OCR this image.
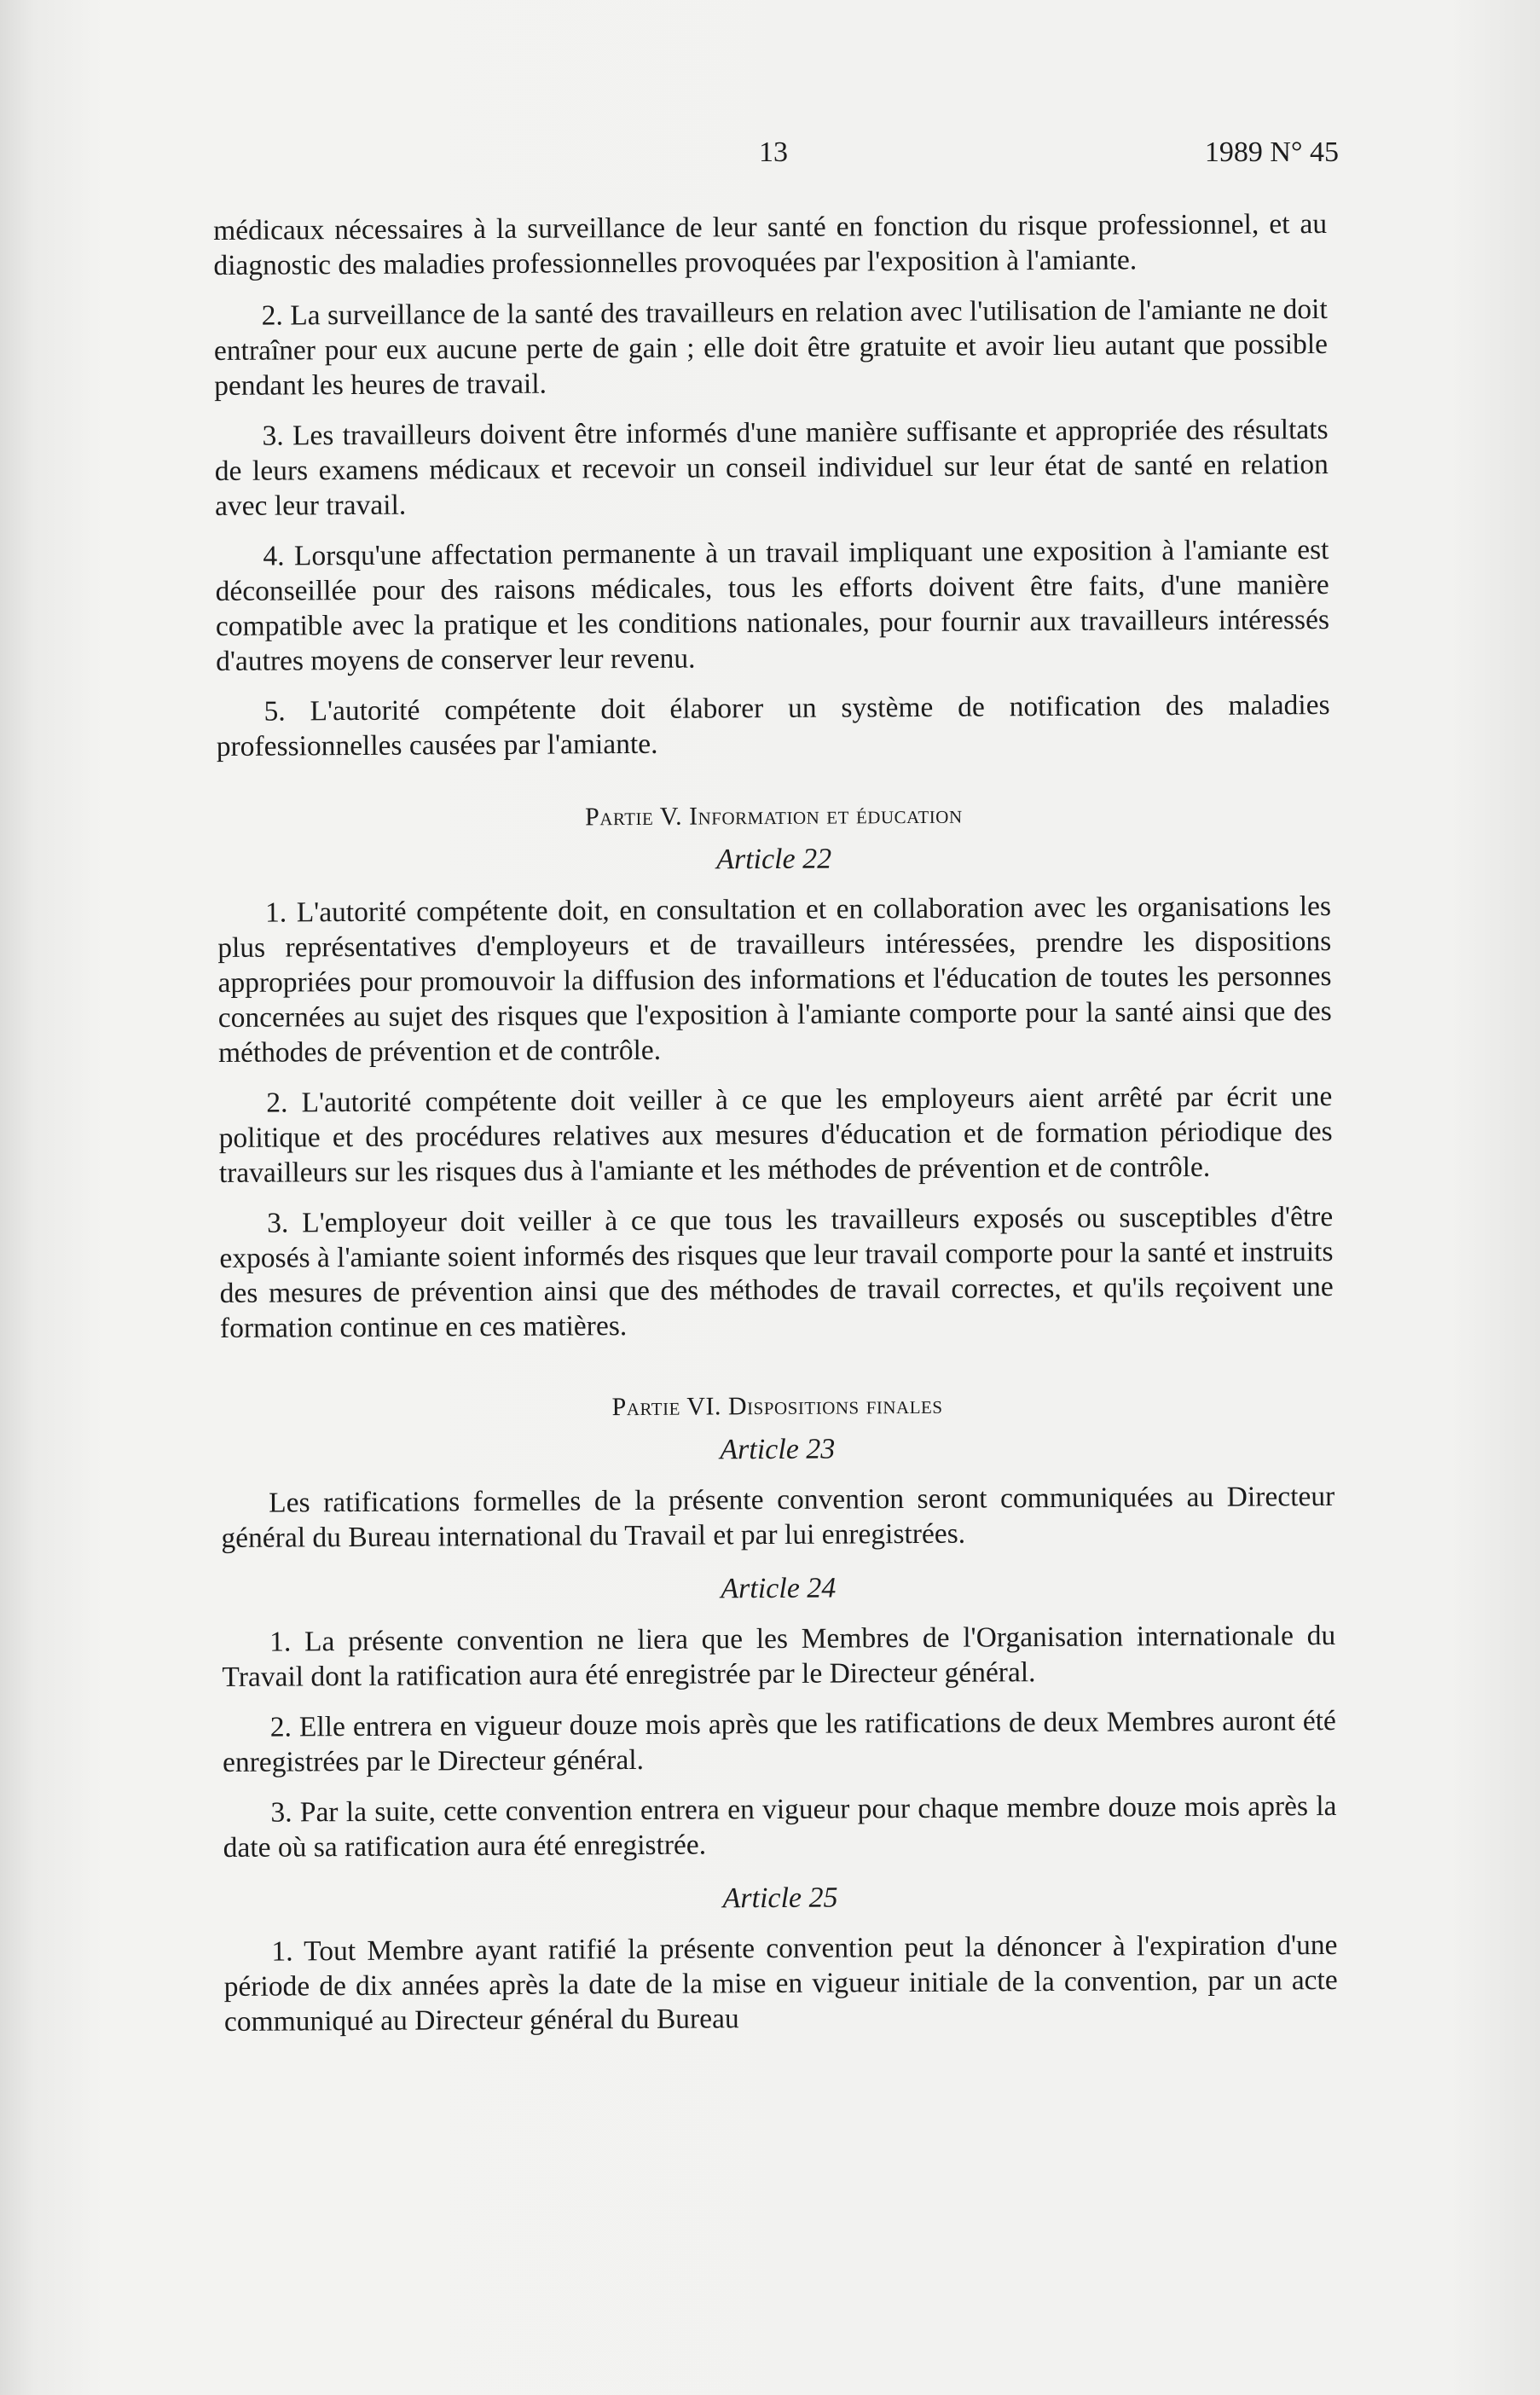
13	1989 N° 45

médicaux nécessaires à la surveillance de leur santé en fonction du risque professionnel, et au diagnostic des maladies professionnelles provoquées par l'exposition à l'amiante.

2. La surveillance de la santé des travailleurs en relation avec l'utilisation de l'amiante ne doit entraîner pour eux aucune perte de gain ; elle doit être gratuite et avoir lieu autant que possible pendant les heures de travail.

3. Les travailleurs doivent être informés d'une manière suffisante et appropriée des résultats de leurs examens médicaux et recevoir un conseil individuel sur leur état de santé en relation avec leur travail.

4. Lorsqu'une affectation permanente à un travail impliquant une exposition à l'amiante est déconseillée pour des raisons médicales, tous les efforts doivent être faits, d'une manière compatible avec la pratique et les conditions nationales, pour fournir aux travailleurs intéressés d'autres moyens de conserver leur revenu.

5. L'autorité compétente doit élaborer un système de notification des maladies professionnelles causées par l'amiante.

Partie V. Information et éducation
Article 22

1. L'autorité compétente doit, en consultation et en collaboration avec les organisations les plus représentatives d'employeurs et de travailleurs intéressées, prendre les dispositions appropriées pour promouvoir la diffusion des informations et l'éducation de toutes les personnes concernées au sujet des risques que l'exposition à l'amiante comporte pour la santé ainsi que des méthodes de prévention et de contrôle.

2. L'autorité compétente doit veiller à ce que les employeurs aient arrêté par écrit une politique et des procédures relatives aux mesures d'éducation et de formation périodique des travailleurs sur les risques dus à l'amiante et les méthodes de prévention et de contrôle.

3. L'employeur doit veiller à ce que tous les travailleurs exposés ou susceptibles d'être exposés à l'amiante soient informés des risques que leur travail comporte pour la santé et instruits des mesures de prévention ainsi que des méthodes de travail correctes, et qu'ils reçoivent une formation continue en ces matières.

Partie VI. Dispositions finales
Article 23

Les ratifications formelles de la présente convention seront communiquées au Directeur général du Bureau international du Travail et par lui enregistrées.

Article 24

1. La présente convention ne liera que les Membres de l'Organisation internationale du Travail dont la ratification aura été enregistrée par le Directeur général.

2. Elle entrera en vigueur douze mois après que les ratifications de deux Membres auront été enregistrées par le Directeur général.

3. Par la suite, cette convention entrera en vigueur pour chaque membre douze mois après la date où sa ratification aura été enregistrée.

Article 25

1. Tout Membre ayant ratifié la présente convention peut la dénoncer à l'expiration d'une période de dix années après la date de la mise en vigueur initiale de la convention, par un acte communiqué au Directeur général du Bureau
